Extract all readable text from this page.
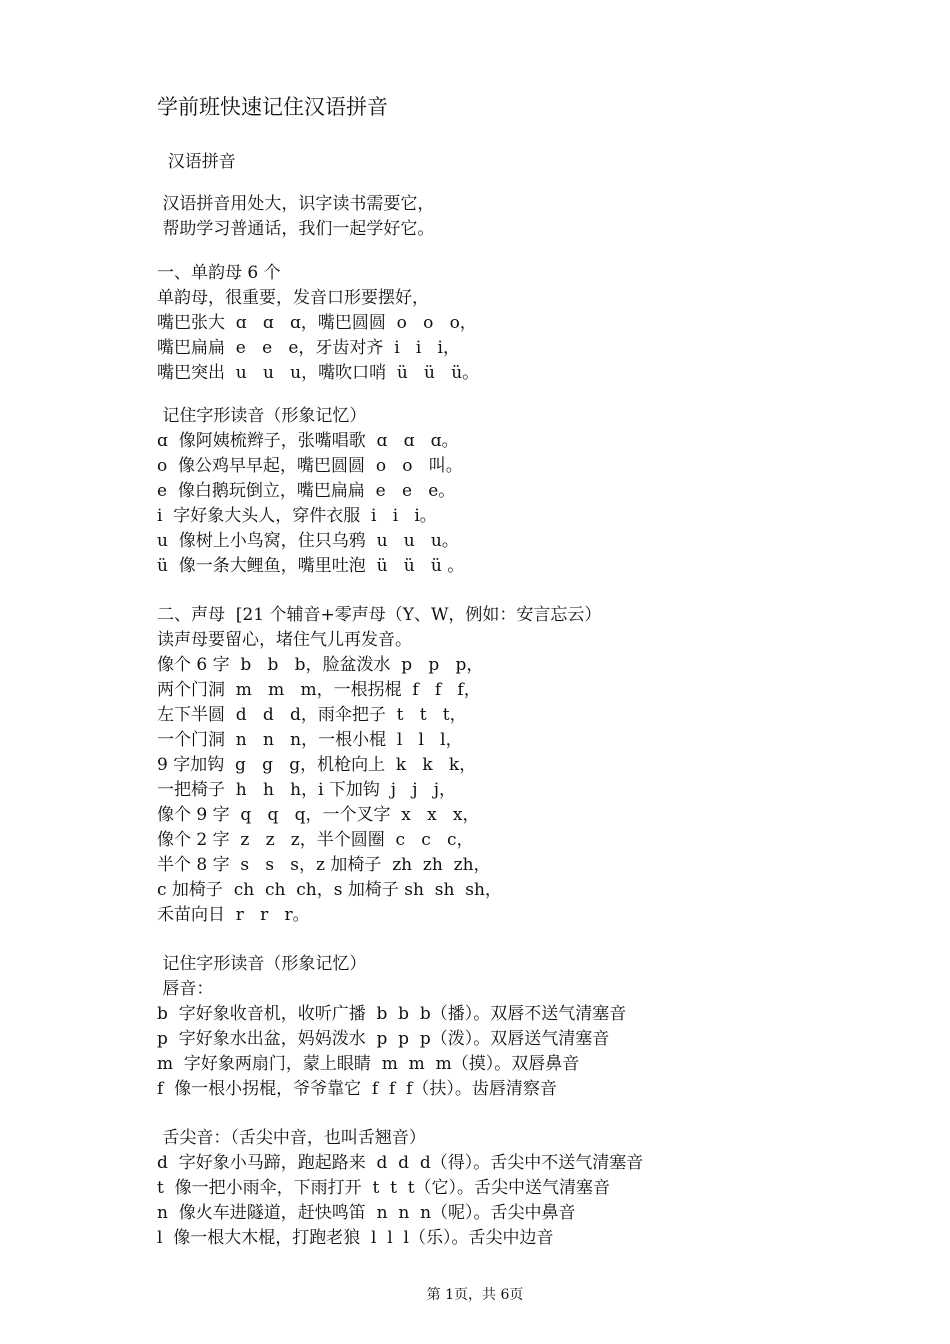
学前班快速记住汉语拼音
汉语拼音
汉语拼音用处大，识字读书需要它，
帮助学习普通话，我们一起学好它。
一、单韵母 6 个
单韵母，很重要，发音口形要摆好，
嘴巴张大  ɑ   ɑ   ɑ，嘴巴圆圆  o   o   o，
嘴巴扁扁  e   e   e，牙齿对齐  i   i   i，
嘴巴突出  u   u   u，嘴吹口哨  ü   ü   ü。
记住字形读音（形象记忆）
ɑ  像阿姨梳辫子，张嘴唱歌  ɑ   ɑ   ɑ。
o  像公鸡早早起，嘴巴圆圆  o   o   叫。
e  像白鹅玩倒立，嘴巴扁扁  e   e   e。
i  字好象大头人，穿件衣服  i   i   i。
u  像树上小鸟窝，住只乌鸦  u   u   u。
ü  像一条大鲤鱼，嘴里吐泡  ü   ü   ü 。
二、声母  [21 个辅音+零声母（Y、W，例如：安言忘云）
读声母要留心，堵住气儿再发音。
像个 6 字  b   b   b，脸盆泼水  p   p   p，
两个门洞  m   m   m，一根拐棍  f   f   f，
左下半圆  d   d   d，雨伞把子  t   t   t，
一个门洞  n   n   n，一根小棍  l   l   l，
9 字加钩  g   g   g，机枪向上  k   k   k，
一把椅子  h   h   h，i 下加钩  j   j   j，
像个 9 字  q   q   q，一个叉字  x   x   x，
像个 2 字  z   z   z，半个圆圈  c   c   c，
半个 8 字  s   s   s，z 加椅子  zh  zh  zh，
c 加椅子  ch  ch  ch，s 加椅子 sh  sh  sh，
禾苗向日  r   r   r。
记住字形读音（形象记忆）
唇音：
b  字好象收音机，收听广播  b  b  b（播）。双唇不送气清塞音
p  字好象水出盆，妈妈泼水  p  p  p（泼）。双唇送气清塞音
m  字好象两扇门，蒙上眼睛  m  m  m（摸）。双唇鼻音
f  像一根小拐棍，爷爷靠它  f  f  f（扶）。齿唇清察音
舌尖音：（舌尖中音，也叫舌翘音）
d  字好象小马蹄，跑起路来  d  d  d（得）。舌尖中不送气清塞音
t  像一把小雨伞，下雨打开  t  t  t（它）。舌尖中送气清塞音
n  像火车进隧道，赶快鸣笛  n  n  n（呢）。舌尖中鼻音
l  像一根大木棍，打跑老狼  l  l  l（乐）。舌尖中边音
第 1页，共 6页
